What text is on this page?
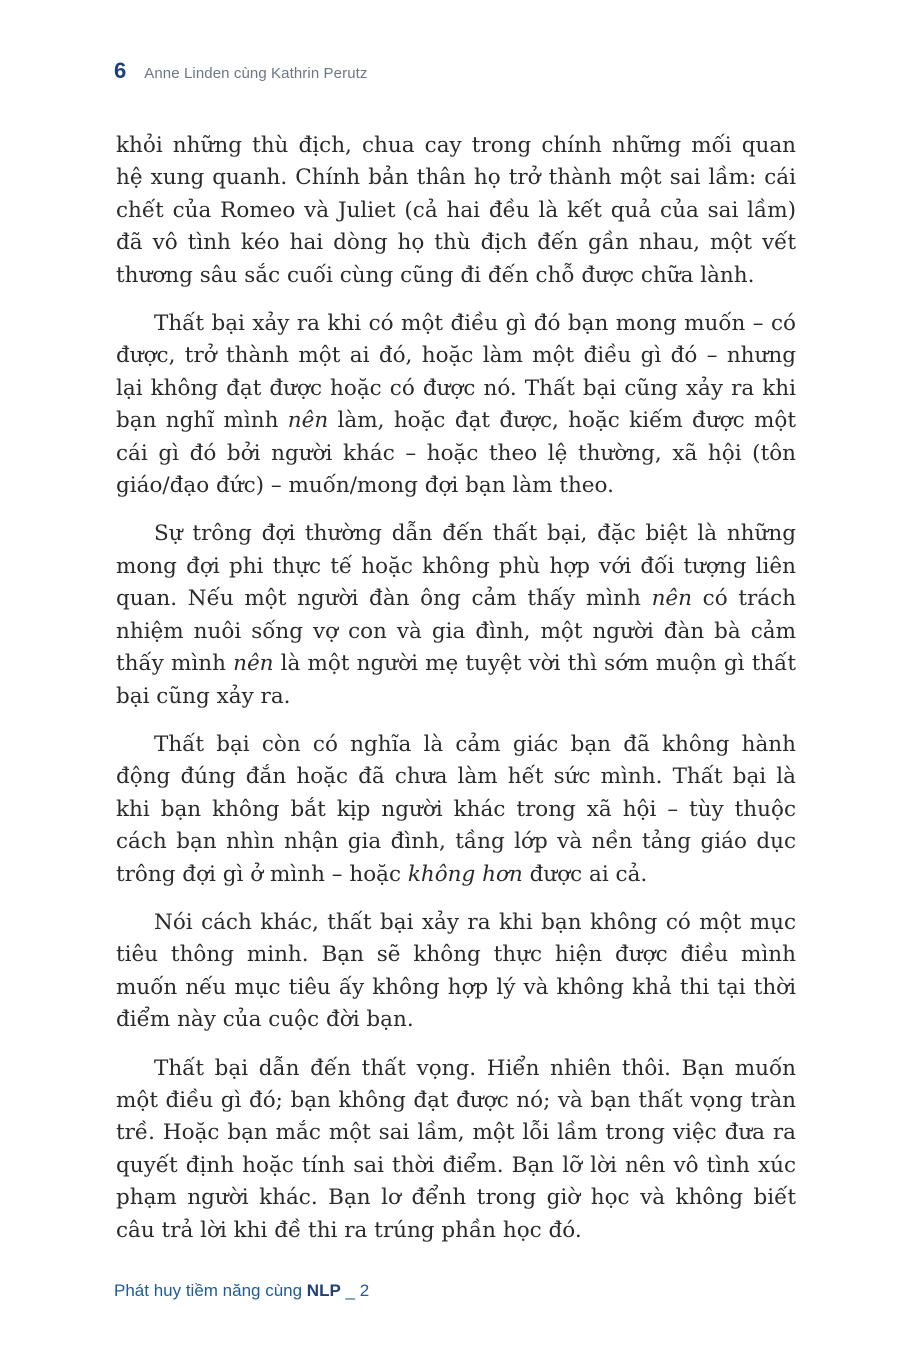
6 Anne Linden cùng Kathrin Perutz

khỏi những thù địch, chua cay trong chính những mối quan hệ xung quanh. Chính bản thân họ trở thành một sai lầm: cái chết của Romeo và Juliet (cả hai đều là kết quả của sai lầm) đã vô tình kéo hai dòng họ thù địch đến gần nhau, một vết thương sâu sắc cuối cùng cũng đi đến chỗ được chữa lành.

Thất bại xảy ra khi có một điều gì đó bạn mong muốn – có được, trở thành một ai đó, hoặc làm một điều gì đó – nhưng lại không đạt được hoặc có được nó. Thất bại cũng xảy ra khi bạn nghĩ mình nên làm, hoặc đạt được, hoặc kiếm được một cái gì đó bởi người khác – hoặc theo lệ thường, xã hội (tôn giáo/đạo đức) – muốn/mong đợi bạn làm theo.

Sự trông đợi thường dẫn đến thất bại, đặc biệt là những mong đợi phi thực tế hoặc không phù hợp với đối tượng liên quan. Nếu một người đàn ông cảm thấy mình nên có trách nhiệm nuôi sống vợ con và gia đình, một người đàn bà cảm thấy mình nên là một người mẹ tuyệt vời thì sớm muộn gì thất bại cũng xảy ra.

Thất bại còn có nghĩa là cảm giác bạn đã không hành động đúng đắn hoặc đã chưa làm hết sức mình. Thất bại là khi bạn không bắt kịp người khác trong xã hội – tùy thuộc cách bạn nhìn nhận gia đình, tầng lớp và nền tảng giáo dục trông đợi gì ở mình – hoặc không hơn được ai cả.

Nói cách khác, thất bại xảy ra khi bạn không có một mục tiêu thông minh. Bạn sẽ không thực hiện được điều mình muốn nếu mục tiêu ấy không hợp lý và không khả thi tại thời điểm này của cuộc đời bạn.

Thất bại dẫn đến thất vọng. Hiển nhiên thôi. Bạn muốn một điều gì đó; bạn không đạt được nó; và bạn thất vọng tràn trề. Hoặc bạn mắc một sai lầm, một lỗi lầm trong việc đưa ra quyết định hoặc tính sai thời điểm. Bạn lỡ lời nên vô tình xúc phạm người khác. Bạn lơ đểnh trong giờ học và không biết câu trả lời khi đề thi ra trúng phần học đó.

Phát huy tiềm năng cùng NLP _ 2
